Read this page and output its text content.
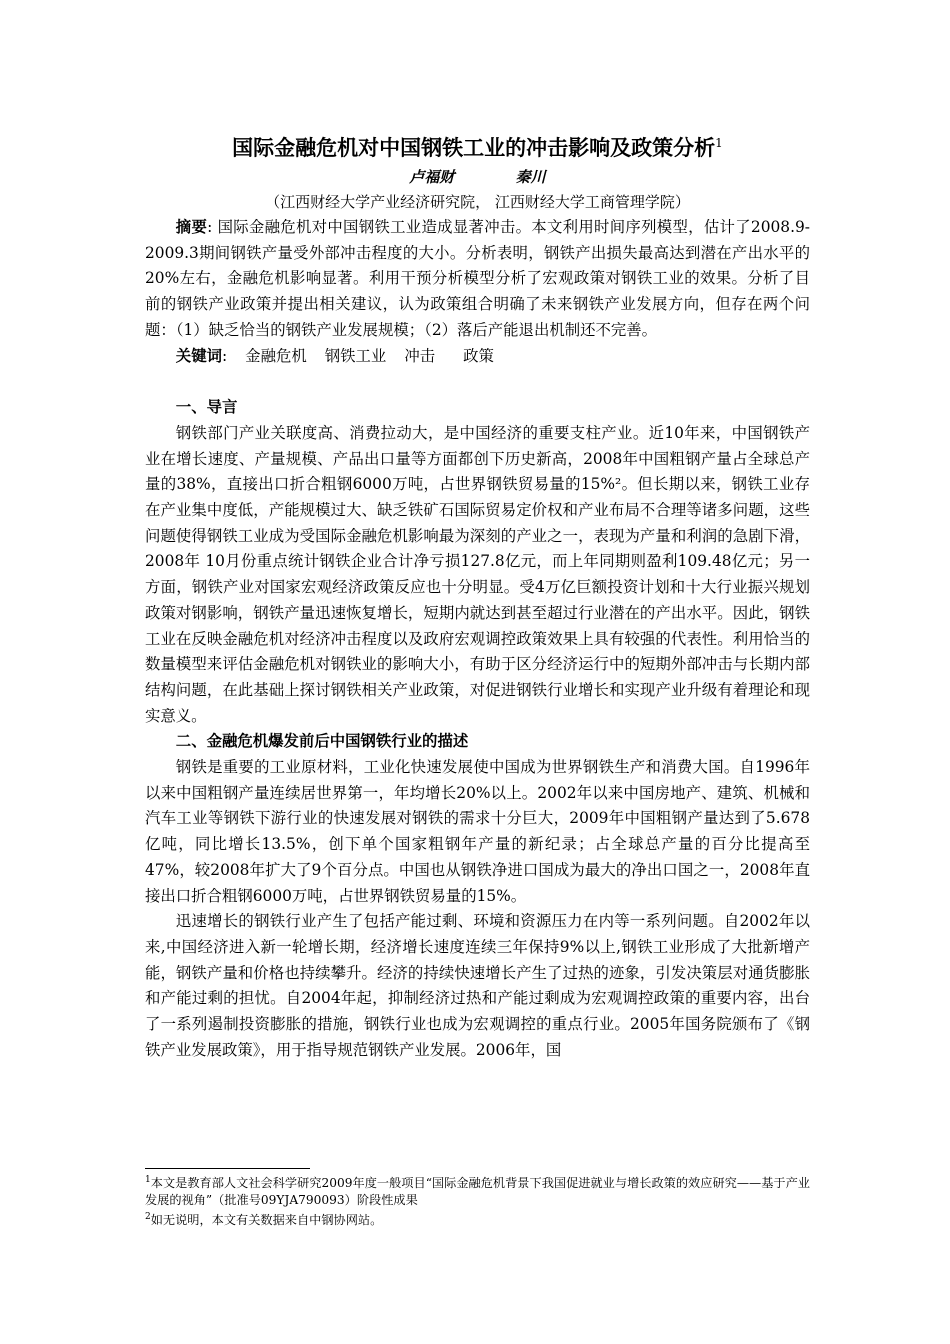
国际金融危机对中国钢铁工业的冲击影响及政策分析$^1$
卢福财	秦川
（江西财经大学产业经济研究院， 江西财经大学工商管理学院）

摘要: 国际金融危机对中国钢铁工业造成显著冲击。本文利用时间序列模型，估计了2008.9-2009.3期间钢铁产量受外部冲击程度的大小。分析表明，钢铁产出损失最高达到潜在产出水平的20%左右，金融危机影响显著。利用干预分析模型分析了宏观政策对钢铁工业的效果。分析了目前的钢铁产业政策并提出相关建议，认为政策组合明确了未来钢铁产业发展方向，但存在两个问题：（1）缺乏恰当的钢铁产业发展规模；（2）落后产能退出机制还不完善。

关键词: 金融危机 钢铁工业 冲击 政策

一、导言

钢铁部门产业关联度高、消费拉动大，是中国经济的重要支柱产业。近10年来，中国钢铁产业在增长速度、产量规模、产品出口量等方面都创下历史新高，2008年中国粗钢产量占全球总产量的38%，直接出口折合粗钢6000万吨，占世界钢铁贸易量的15%²。但长期以来，钢铁工业存在产业集中度低，产能规模过大、缺乏铁矿石国际贸易定价权和产业布局不合理等诸多问题，这些问题使得钢铁工业成为受国际金融危机影响最为深刻的产业之一，表现为产量和利润的急剧下滑，2008年 10月份重点统计钢铁企业合计净亏损127.8亿元，而上年同期则盈利109.48亿元；另一方面，钢铁产业对国家宏观经济政策反应也十分明显。受4万亿巨额投资计划和十大行业振兴规划政策对钢影响，钢铁产量迅速恢复增长，短期内就达到甚至超过行业潜在的产出水平。因此，钢铁工业在反映金融危机对经济冲击程度以及政府宏观调控政策效果上具有较强的代表性。利用恰当的数量模型来评估金融危机对钢铁业的影响大小，有助于区分经济运行中的短期外部冲击与长期内部结构问题，在此基础上探讨钢铁相关产业政策，对促进钢铁行业增长和实现产业升级有着理论和现实意义。

二、金融危机爆发前后中国钢铁行业的描述

钢铁是重要的工业原材料，工业化快速发展使中国成为世界钢铁生产和消费大国。自1996年以来中国粗钢产量连续居世界第一，年均增长20%以上。2002年以来中国房地产、建筑、机械和汽车工业等钢铁下游行业的快速发展对钢铁的需求十分巨大，2009年中国粗钢产量达到了5.678亿吨，同比增长13.5%，创下单个国家粗钢年产量的新纪录；占全球总产量的百分比提高至47%，较2008年扩大了9个百分点。中国也从钢铁净进口国成为最大的净出口国之一，2008年直接出口折合粗钢6000万吨，占世界钢铁贸易量的15%。

迅速增长的钢铁行业产生了包括产能过剩、环境和资源压力在内等一系列问题。自2002年以来,中国经济进入新一轮增长期，经济增长速度连续三年保持9%以上,钢铁工业形成了大批新增产能，钢铁产量和价格也持续攀升。经济的持续快速增长产生了过热的迹象，引发决策层对通货膨胀和产能过剩的担忧。自2004年起，抑制经济过热和产能过剩成为宏观调控政策的重要内容，出台了一系列遏制投资膨胀的措施，钢铁行业也成为宏观调控的重点行业。2005年国务院颁布了《钢铁产业发展政策》，用于指导规范钢铁产业发展。2006年，国

$^1$本文是教育部人文社会科学研究2009年度一般项目“国际金融危机背景下我国促进就业与增长政策的效应研究——基于产业发展的视角”（批准号09YJA790093）阶段性成果

$^2$如无说明，本文有关数据来自中钢协网站。
